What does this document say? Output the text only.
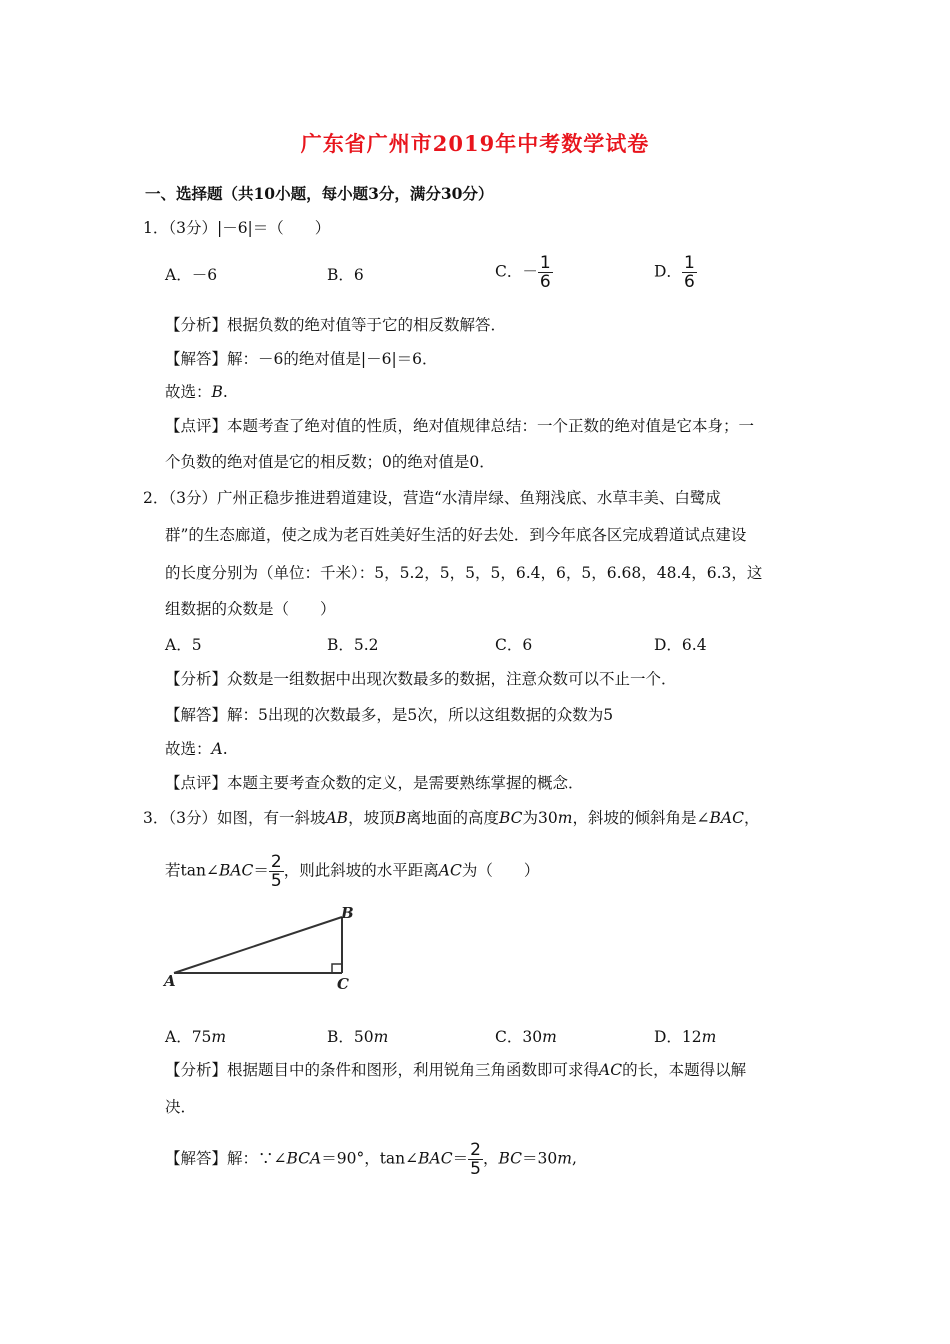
广东省广州市2019年中考数学试卷
一、选择题（共10小题，每小题3分，满分30分）
1．（3分）|－6|＝（　　）
A．－6	B．6	C．－ $\frac{1}{6}$	D． $\frac{1}{6}$
【分析】根据负数的绝对值等于它的相反数解答．
【解答】解：－6的绝对值是|－6|＝6．
故选：B.
【点评】本题考查了绝对值的性质，绝对值规律总结：一个正数的绝对值是它本身；一
个负数的绝对值是它的相反数；0的绝对值是0．
2．（3分）广州正稳步推进碧道建设，营造“水清岸绿、鱼翔浅底、水草丰美、白鹭成
群”的生态廊道，使之成为老百姓美好生活的好去处．到今年底各区完成碧道试点建设
的长度分别为（单位：千米）：5，5.2，5，5，5，6.4，6，5，6.68，48.4，6.3，这
组数据的众数是（　　）
A．5	B．5.2	C．6	D．6.4
【分析】众数是一组数据中出现次数最多的数据，注意众数可以不止一个．
【解答】解：5出现的次数最多，是5次，所以这组数据的众数为5
故选：A.
【点评】本题主要考查众数的定义，是需要熟练掌握的概念．
3．（3分）如图，有一斜坡AB，坡顶B离地面的高度BC为30m，斜坡的倾斜角是∠BAC，
若tan∠BAC＝ $\frac{2}{5}$ ，则此斜坡的水平距离AC为（　　）
A
B
C
A．75m	B．50m	C．30m	D．12m
【分析】根据题目中的条件和图形，利用锐角三角函数即可求得AC的长，本题得以解
决．
【解答】解：∵∠BCA＝90°，tan∠BAC＝ $\frac{2}{5}$ ，BC＝30m,
